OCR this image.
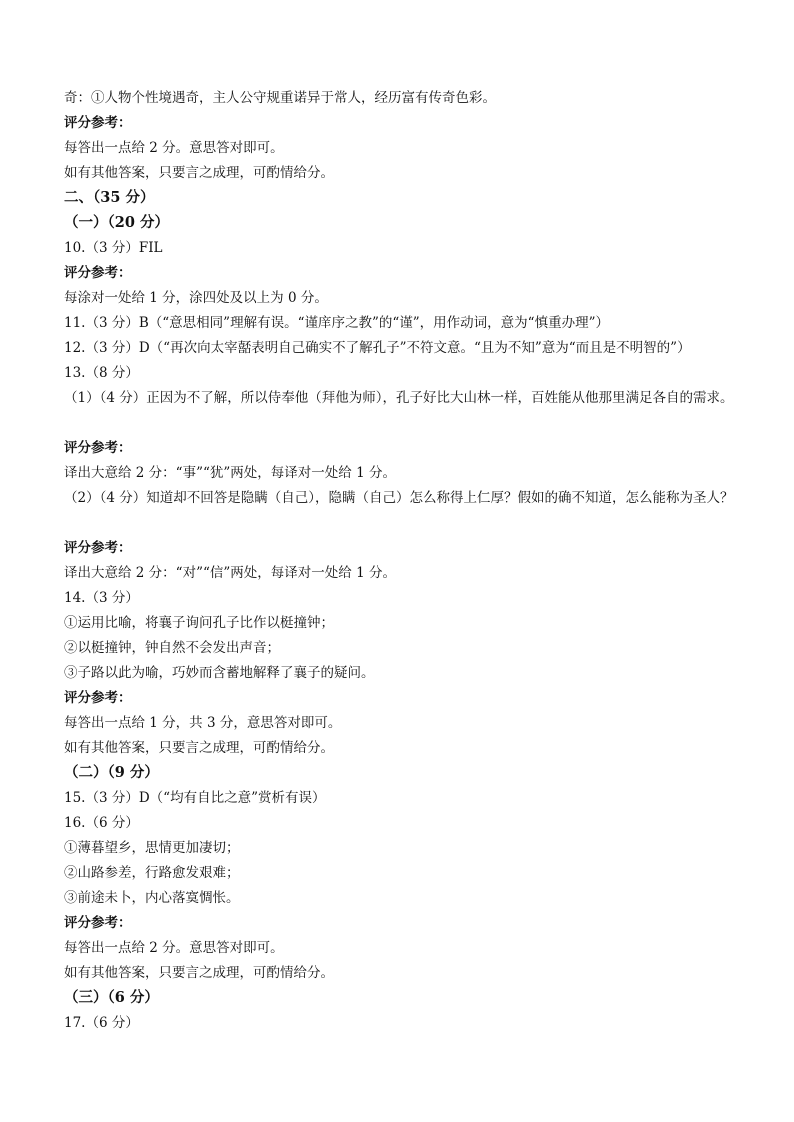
奇：①人物个性境遇奇，主人公守规重诺异于常人，经历富有传奇色彩。
评分参考：
每答出一点给 2 分。意思答对即可。
如有其他答案，只要言之成理，可酌情给分。
二、（35 分）
（一）（20 分）
10.（3 分）FIL
评分参考：
每涂对一处给 1 分，涂四处及以上为 0 分。
11.（3 分）B（“意思相同”理解有误。“谨庠序之教”的“谨”，用作动词，意为“慎重办理”）
12.（3 分）D（“再次向太宰嚭表明自己确实不了解孔子”不符文意。“且为不知”意为“而且是不明智的”）
13.（8 分）
（1）（4 分）正因为不了解，所以侍奉他（拜他为师），孔子好比大山林一样，百姓能从他那里满足各自的需求。
评分参考：
译出大意给 2 分：“事”“犹”两处，每译对一处给 1 分。
（2）（4 分）知道却不回答是隐瞒（自己），隐瞒（自己）怎么称得上仁厚？假如的确不知道，怎么能称为圣人？
评分参考：
译出大意给 2 分：“对”“信”两处，每译对一处给 1 分。
14.（3 分）
①运用比喻，将襄子询问孔子比作以梃撞钟；
②以梃撞钟，钟自然不会发出声音；
③子路以此为喻，巧妙而含蓄地解释了襄子的疑问。
评分参考：
每答出一点给 1 分，共 3 分，意思答对即可。
如有其他答案，只要言之成理，可酌情给分。
（二）（9 分）
15.（3 分）D（“均有自比之意”赏析有误）
16.（6 分）
①薄暮望乡，思情更加凄切；
②山路参差，行路愈发艰难；
③前途未卜，内心落寞惆怅。
评分参考：
每答出一点给 2 分。意思答对即可。
如有其他答案，只要言之成理，可酌情给分。
（三）（6 分）
17.（6 分）
